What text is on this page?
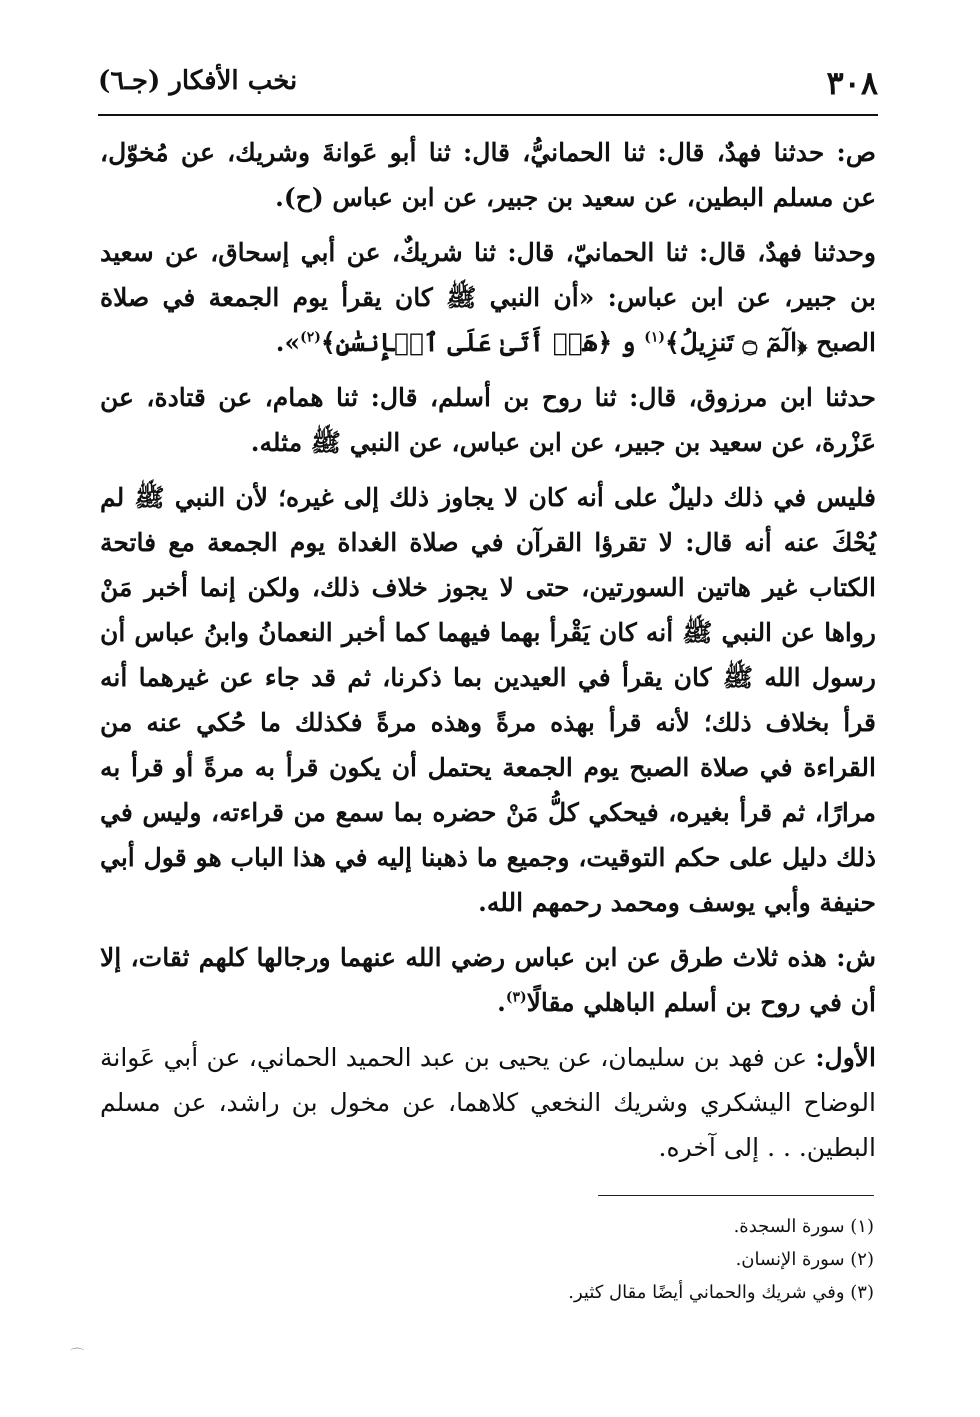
٣٠٨
نخب الأفكار (جـ٦)

ص: حدثنا فهدٌ، قال: ثنا الحمانيُّ، قال: ثنا أبو عَوانةَ وشريك، عن مُخوّل، عن مسلم البطين، عن سعيد بن جبير، عن ابن عباس (ح).

وحدثنا فهدٌ، قال: ثنا الحمانيّ، قال: ثنا شريكٌ، عن أبي إسحاق، عن سعيد بن جبير، عن ابن عباس: «أن النبي ﷺ كان يقرأ يوم الجمعة في صلاة الصبح ﴿الٓمٓ ۝ تَنزِيلُ﴾$^{(١)}$ و ﴿هَلۡ أَتَىٰ عَلَى ٱلۡإِنسَٰنِ﴾$^{(٢)}$».

حدثنا ابن مرزوق، قال: ثنا روح بن أسلم، قال: ثنا همام، عن قتادة، عن عَزْرة، عن سعيد بن جبير، عن ابن عباس، عن النبي ﷺ مثله.

فليس في ذلك دليلٌ على أنه كان لا يجاوز ذلك إلى غيره؛ لأن النبي ﷺ لم يُحْكَ عنه أنه قال: لا تقرؤا القرآن في صلاة الغداة يوم الجمعة مع فاتحة الكتاب غير هاتين السورتين، حتى لا يجوز خلاف ذلك، ولكن إنما أخبر مَنْ رواها عن النبي ﷺ أنه كان يَقْرأ بهما فيهما كما أخبر النعمانُ وابنُ عباس أن رسول الله ﷺ كان يقرأ في العيدين بما ذكرنا، ثم قد جاء عن غيرهما أنه قرأ بخلاف ذلك؛ لأنه قرأ بهذه مرةً وهذه مرةً فكذلك ما حُكي عنه من القراءة في صلاة الصبح يوم الجمعة يحتمل أن يكون قرأ به مرةً أو قرأ به مرارًا، ثم قرأ بغيره، فيحكي كلُّ مَنْ حضره بما سمع من قراءته، وليس في ذلك دليل على حكم التوقيت، وجميع ما ذهبنا إليه في هذا الباب هو قول أبي حنيفة وأبي يوسف ومحمد رحمهم الله.

ش: هذه ثلاث طرق عن ابن عباس رضي الله عنهما ورجالها كلهم ثقات، إلا أن في روح بن أسلم الباهلي مقالًا$^{(٣)}$.

الأول: عن فهد بن سليمان، عن يحيى بن عبد الحميد الحماني، عن أبي عَوانة الوضاح اليشكري وشريك النخعي كلاهما، عن مخول بن راشد، عن مسلم البطين. . . إلى آخره.

(١) سورة السجدة.
(٢) سورة الإنسان.
(٣) وفي شريك والحماني أيضًا مقال كثير.
⌒
